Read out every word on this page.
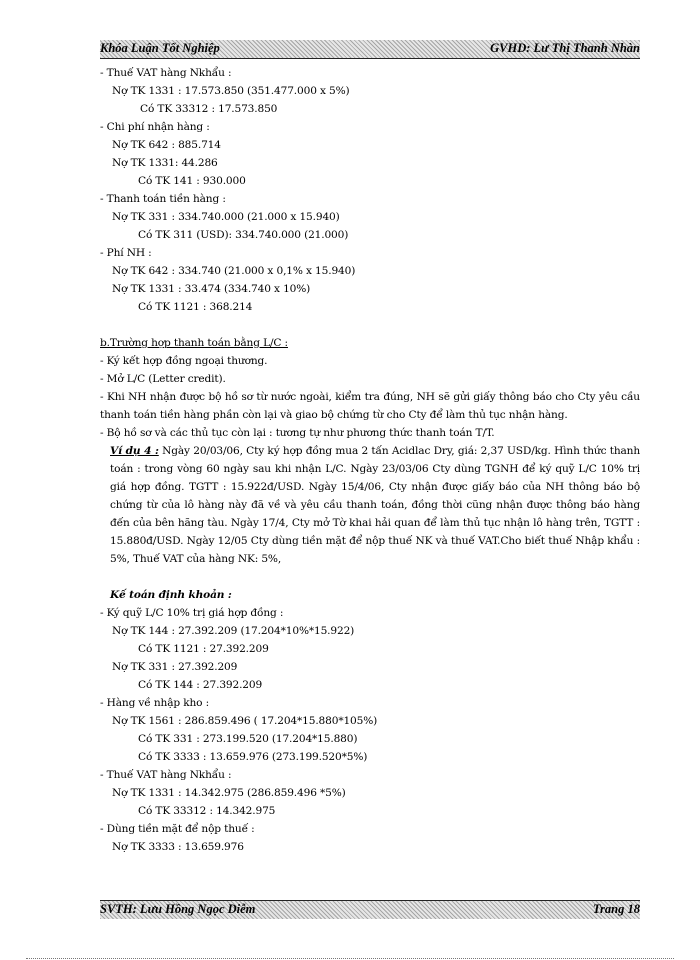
Khóa Luận Tốt Nghiệp	GVHD: Lư Thị Thanh Nhàn
- Thuế VAT hàng Nkhẩu :
Nợ TK 1331 : 17.573.850 (351.477.000 x 5%)
Có TK 33312 : 17.573.850
- Chi phí nhận hàng :
Nợ TK 642 : 885.714
Nợ TK 1331: 44.286
Có TK 141 : 930.000
- Thanh toán tiền hàng :
Nợ TK 331 : 334.740.000 (21.000 x 15.940)
Có TK 311 (USD): 334.740.000 (21.000)
- Phí NH :
Nợ TK 642 : 334.740 (21.000 x 0,1% x 15.940)
Nợ TK 1331 : 33.474 (334.740 x 10%)
Có TK 1121 : 368.214
b.Trường hợp thanh toán bằng L/C :
- Ký kết hợp đồng ngoại thương.
- Mở L/C (Letter credit).

- Khi NH nhận được bộ hồ sơ từ nước ngoài, kiểm tra đúng, NH sẽ gửi giấy thông báo cho Cty yêu cầu thanh toán tiền hàng phần còn lại và giao bộ chứng từ cho Cty để làm thủ tục nhận hàng.

- Bộ hồ sơ và các thủ tục còn lại : tương tự như phương thức thanh toán T/T.

Ví dụ 4 : Ngày 20/03/06, Cty ký hợp đồng mua 2 tấn Acidlac Dry, giá: 2,37 USD/kg. Hình thức thanh toán : trong vòng 60 ngày sau khi nhận L/C. Ngày 23/03/06 Cty dùng TGNH để ký quỹ L/C 10% trị giá hợp đồng. TGTT : 15.922đ/USD. Ngày 15/4/06, Cty nhận được giấy báo của NH thông báo bộ chứng từ của lô hàng này đã về và yêu cầu thanh toán, đồng thời cũng nhận được thông báo hàng đến của bên hãng tàu. Ngày 17/4, Cty mở Tờ khai hải quan để làm thủ tục nhận lô hàng trên, TGTT : 15.880đ/USD. Ngày 12/05 Cty dùng tiền mặt để nộp thuế NK và thuế VAT.Cho biết thuế Nhập khẩu : 5%, Thuế VAT của hàng NK: 5%,

Kế toán định khoản :
- Ký quỹ L/C 10% trị giá hợp đồng :
Nợ TK 144 : 27.392.209 (17.204*10%*15.922)
Có TK 1121 : 27.392.209
Nợ TK 331 : 27.392.209
Có TK 144 : 27.392.209
- Hàng về nhập kho :
Nợ TK 1561 : 286.859.496 ( 17.204*15.880*105%)
Có TK 331 : 273.199.520 (17.204*15.880)
Có TK 3333 : 13.659.976 (273.199.520*5%)
- Thuế VAT hàng Nkhẩu :
Nợ TK 1331 : 14.342.975 (286.859.496 *5%)
Có TK 33312 : 14.342.975
- Dùng tiền mặt để nộp thuế :
Nợ TK 3333 : 13.659.976
SVTH: Lưu Hồng Ngọc Diễm	Trang 18
